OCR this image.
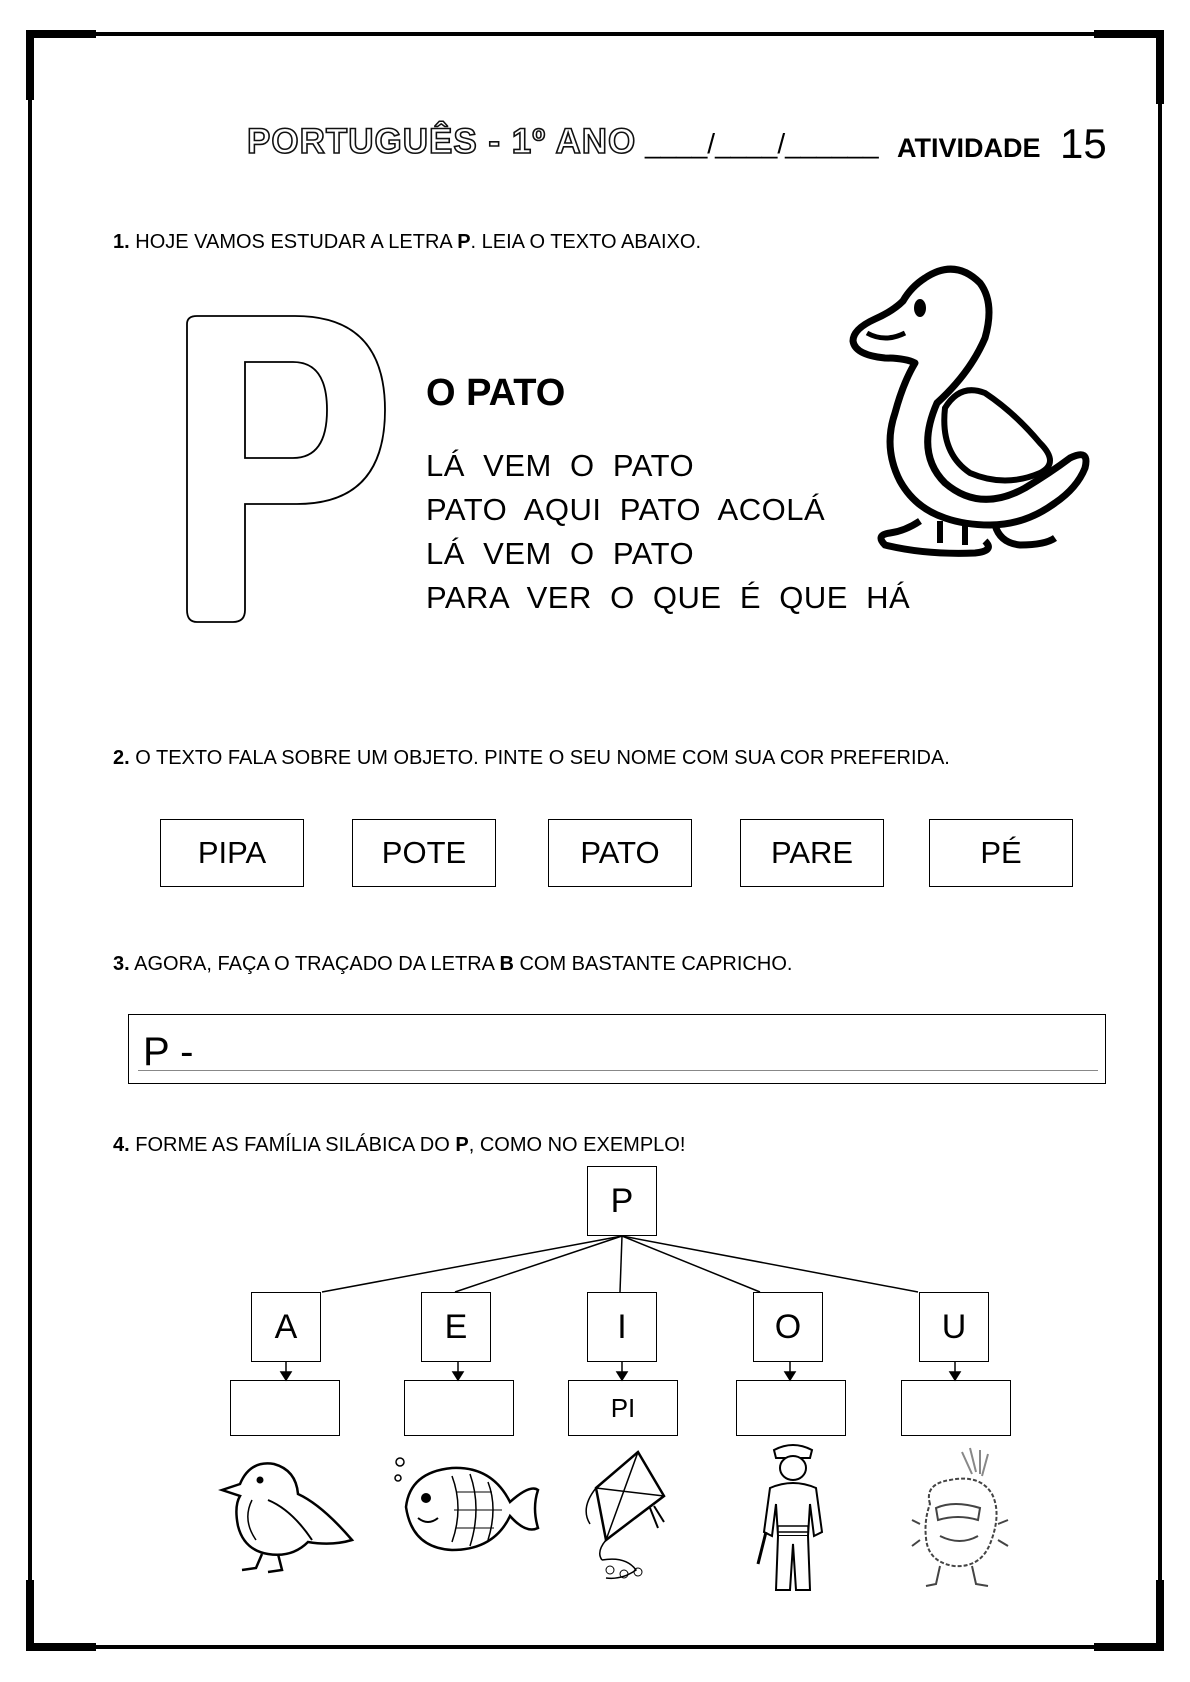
PORTUGUÊS - 1º ANO ____/____/______ ATIVIDADE 15
1. HOJE VAMOS ESTUDAR A LETRA P. LEIA O TEXTO ABAIXO.
O PATO
LÁ  VEM  O  PATO
PATO  AQUI  PATO  ACOLÁ
LÁ  VEM  O  PATO
PARA  VER  O  QUE  É  QUE  HÁ
2. O TEXTO FALA SOBRE UM OBJETO. PINTE O SEU NOME COM SUA COR PREFERIDA.
PIPA	POTE	PATO	PARE	PÉ
3. AGORA, FAÇA O TRAÇADO DA LETRA B COM BASTANTE CAPRICHO.
P -
4. FORME AS FAMÍLIA SILÁBICA DO P, COMO NO EXEMPLO!
P
A	E	I	O	U
PI
